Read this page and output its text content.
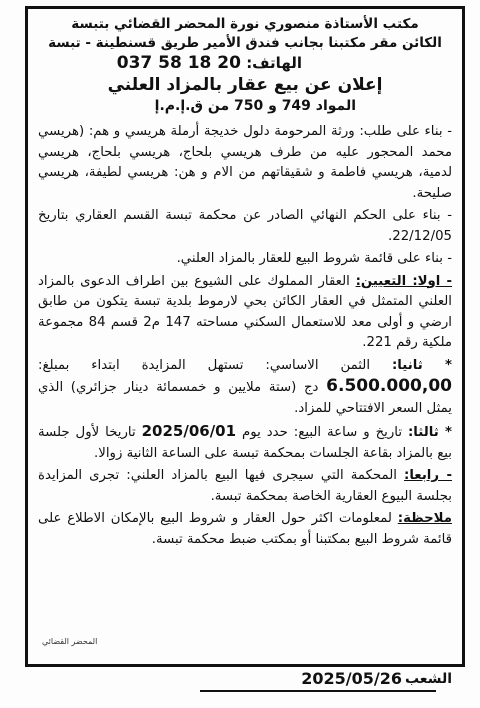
مكتب الأستاذة منصوري نورة المحضر القضائي بتبسة
الكائن مقر مكتبنا بجانب فندق الأمير طريق قسنطينة - تبسة
الهاتف: 037 58 18 20
إعلان عن بيع عقار بالمزاد العلني
المواد 749 و 750 من ق.إ.م.إ

- بناء على طلب: ورثة المرحومة دلول خديجة أرملة هريسي و هم: (هريسي محمد المحجور عليه من طرف هريسي بلحاج، هريسي بلحاج، هريسي لدمية، هريسي فاطمة و شقيقاتهم من الام و هن: هريسي لطيفة، هريسي صليحة.

- بناء على الحكم النهائي الصادر عن محكمة تبسة القسم العقاري بتاريخ 22/12/05.

- بناء على قائمة شروط البيع للعقار بالمزاد العلني.

- اولا: التعيين: العقار المملوك على الشيوع بين اطراف الدعوى بالمزاد العلني المتمثل في العقار الكائن بحي لارموط بلدية تبسة يتكون من طابق ارضي و أولى معد للاستعمال السكني مساحته 147 م2 قسم 84 مجموعة ملكية رقم 221.

* ثانيا: الثمن الاساسي: تستهل المزايدة ابتداء بمبلغ: 6.500.000,00 دج (ستة ملايين و خمسمائة دينار جزائري) الذي يمثل السعر الافتتاحي للمزاد.

* ثالثا: تاريخ و ساعة البيع: حدد يوم 2025/06/01 تاريخا لأول جلسة بيع بالمزاد بقاعة الجلسات بمحكمة تبسة على الساعة الثانية زوالا.

- رابعا: المحكمة التي سيجرى فيها البيع بالمزاد العلني: تجرى المزايدة بجلسة البيوع العقارية الخاصة بمحكمة تبسة.

ملاحظة: لمعلومات اكثر حول العقار و شروط البيع بالإمكان الاطلاع على قائمة شروط البيع بمكتبنا أو بمكتب ضبط محكمة تبسة.

المحضر القضائي
الشعب
2025/05/26
